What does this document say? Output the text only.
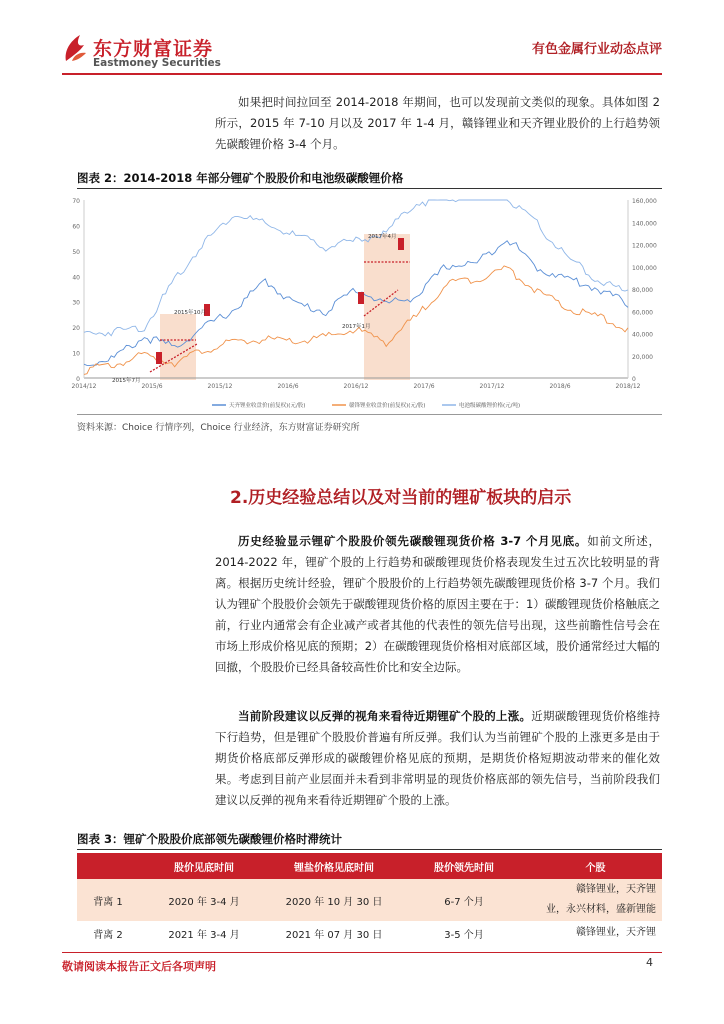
东方财富证券
Eastmoney Securities
有色金属行业动态点评
如果把时间拉回至 2014-2018 年期间，也可以发现前文类似的现象。具体如图 2 所示，2015 年 7-10 月以及 2017 年 1-4 月，赣锋锂业和天齐锂业股价的上行趋势领先碳酸锂价格 3-4 个月。
图表 2：2014-2018 年部分锂矿个股股价和电池级碳酸锂价格
0
10
20
30
40
50
60
70
0
20,000
40,000
60,000
80,000
100,000
120,000
140,000
160,000
2014/12	2015/6	2015/12	2016/6	2016/12	2017/6	2017/12	2018/6	2018/12
2015年7月
2015年10月
2017年1月
2017年4月
天齐锂业收盘价(前复权)(元/股)	赣锋锂业收盘价(前复权)(元/股)	电池级碳酸锂价格(元/吨)
资料来源：Choice 行情序列，Choice 行业经济，东方财富证券研究所
2.历史经验总结以及对当前的锂矿板块的启示
历史经验显示锂矿个股股价领先碳酸锂现货价格 3-7 个月见底。如前文所述，2014-2022 年，锂矿个股的上行趋势和碳酸锂现货价格表现发生过五次比较明显的背离。根据历史统计经验，锂矿个股股价的上行趋势领先碳酸锂现货价格 3-7 个月。我们认为锂矿个股股价会领先于碳酸锂现货价格的原因主要在于：1）碳酸锂现货价格触底之前，行业内通常会有企业减产或者其他的代表性的领先信号出现，这些前瞻性信号会在市场上形成价格见底的预期；2）在碳酸锂现货价格相对底部区域，股价通常经过大幅的回撤，个股股价已经具备较高性价比和安全边际。
当前阶段建议以反弹的视角来看待近期锂矿个股的上涨。近期碳酸锂现货价格维持下行趋势，但是锂矿个股股价普遍有所反弹。我们认为当前锂矿个股的上涨更多是由于期货价格底部反弹形成的碳酸锂价格见底的预期，是期货价格短期波动带来的催化效果。考虑到目前产业层面并未看到非常明显的现货价格底部的领先信号，当前阶段我们建议以反弹的视角来看待近期锂矿个股的上涨。
图表 3：锂矿个股股价底部领先碳酸锂价格时滞统计
	股价见底时间	锂盐价格见底时间	股价领先时间	个股
背离 1	2020 年 3-4 月	2020 年 10 月 30 日	6-7 个月	赣锋锂业，天齐锂
业，永兴材料，盛新锂能

背离 2	2021 年 3-4 月	2021 年 07 月 30 日	3-5 个月	赣锋锂业，天齐锂
敬请阅读本报告正文后各项声明	4
